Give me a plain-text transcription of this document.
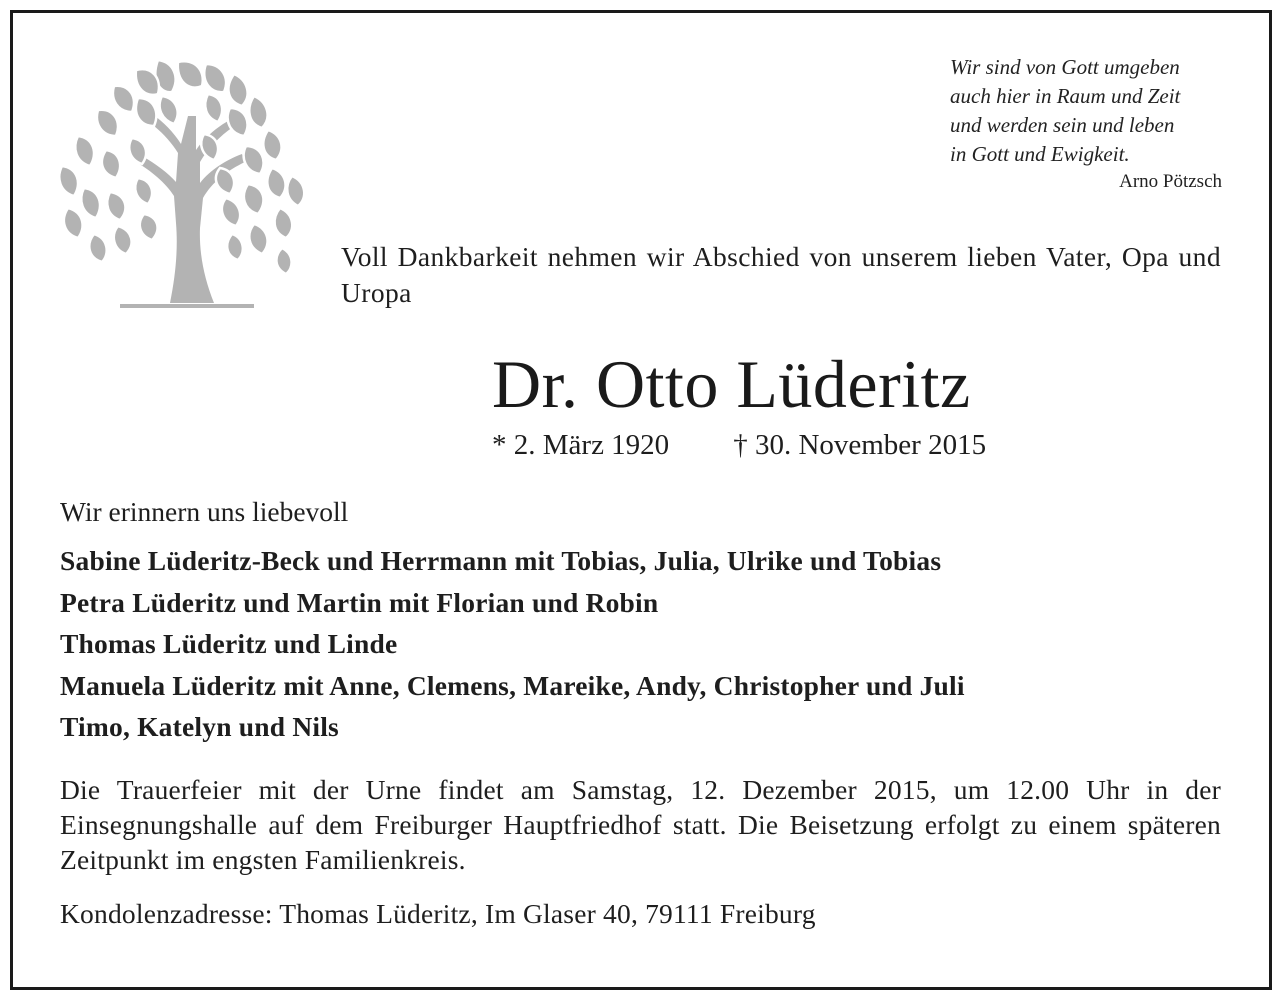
Wir sind von Gott umgeben
auch hier in Raum und Zeit
und werden sein und leben
in Gott und Ewigkeit.
Arno Pötzsch
Voll Dankbarkeit nehmen wir Abschied von unserem lieben Vater, Opa und Uropa
Dr. Otto Lüderitz
* 2. März 1920 † 30. November 2015
Wir erinnern uns liebevoll
Sabine Lüderitz-Beck und Herrmann mit Tobias, Julia, Ulrike und Tobias
Petra Lüderitz und Martin mit Florian und Robin
Thomas Lüderitz und Linde
Manuela Lüderitz mit Anne, Clemens, Mareike, Andy, Christopher und Juli
Timo, Katelyn und Nils
Die Trauerfeier mit der Urne findet am Samstag, 12. Dezember 2015, um 12.00 Uhr in der Einsegnungshalle auf dem Freiburger Hauptfriedhof statt. Die Beisetzung erfolgt zu einem späteren Zeitpunkt im engsten Familienkreis.
Kondolenzadresse: Thomas Lüderitz, Im Glaser 40, 79111 Freiburg
